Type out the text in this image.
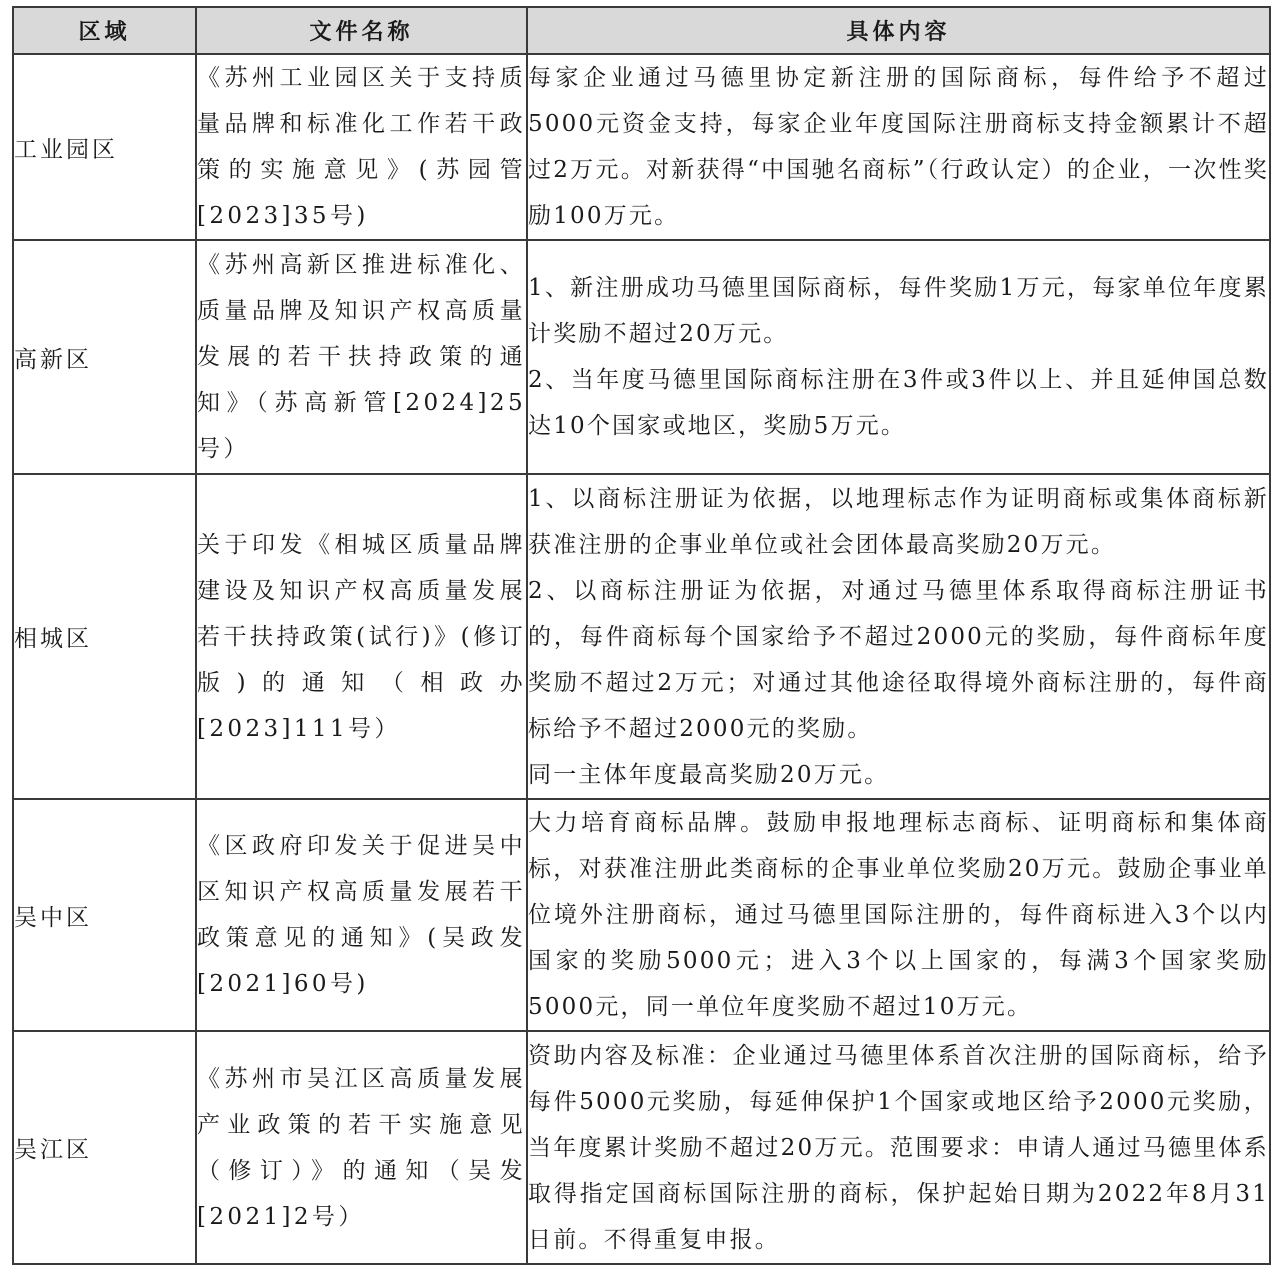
区域	文件名称	具体内容
工业园区	《苏州工业园区关于支持质量品牌和标准化工作若干政策的实施意见》(苏园管[2023]35号)	每家企业通过马德里协定新注册的国际商标，每件给予不超过5000元资金支持，每家企业年度国际注册商标支持金额累计不超过2万元。对新获得“中国驰名商标”（行政认定）的企业，一次性奖励100万元。

高新区	《苏州高新区推进标准化、质量品牌及知识产权高质量发展的若干扶持政策的通知》（苏高新管[2024]25号）	1、新注册成功马德里国际商标，每件奖励1万元，每家单位年度累计奖励不超过20万元。

2、当年度马德里国际商标注册在3件或3件以上、并且延伸国总数达10个国家或地区，奖励5万元。

相城区	关于印发《相城区质量品牌建设及知识产权高质量发展若干扶持政策(试行)》(修订版)的通知（相政办[2023]111号）	1、以商标注册证为依据，以地理标志作为证明商标或集体商标新获准注册的企事业单位或社会团体最高奖励20万元。

2、以商标注册证为依据，对通过马德里体系取得商标注册证书的，每件商标每个国家给予不超过2000元的奖励，每件商标年度奖励不超过2万元；对通过其他途径取得境外商标注册的，每件商标给予不超过2000元的奖励。

同一主体年度最高奖励20万元。

吴中区	《区政府印发关于促进吴中区知识产权高质量发展若干政策意见的通知》(吴政发[2021]60号)	大力培育商标品牌。鼓励申报地理标志商标、证明商标和集体商标，对获准注册此类商标的企事业单位奖励20万元。鼓励企事业单位境外注册商标，通过马德里国际注册的，每件商标进入3个以内国家的奖励5000元；进入3个以上国家的，每满3个国家奖励5000元，同一单位年度奖励不超过10万元。

吴江区	《苏州市吴江区高质量发展产业政策的若干实施意见（修订）》的通知（吴发[2021]2号）	资助内容及标准：企业通过马德里体系首次注册的国际商标，给予每件5000元奖励，每延伸保护1个国家或地区给予2000元奖励，当年度累计奖励不超过20万元。范围要求：申请人通过马德里体系取得指定国商标国际注册的商标，保护起始日期为2022年8月31日前。不得重复申报。
